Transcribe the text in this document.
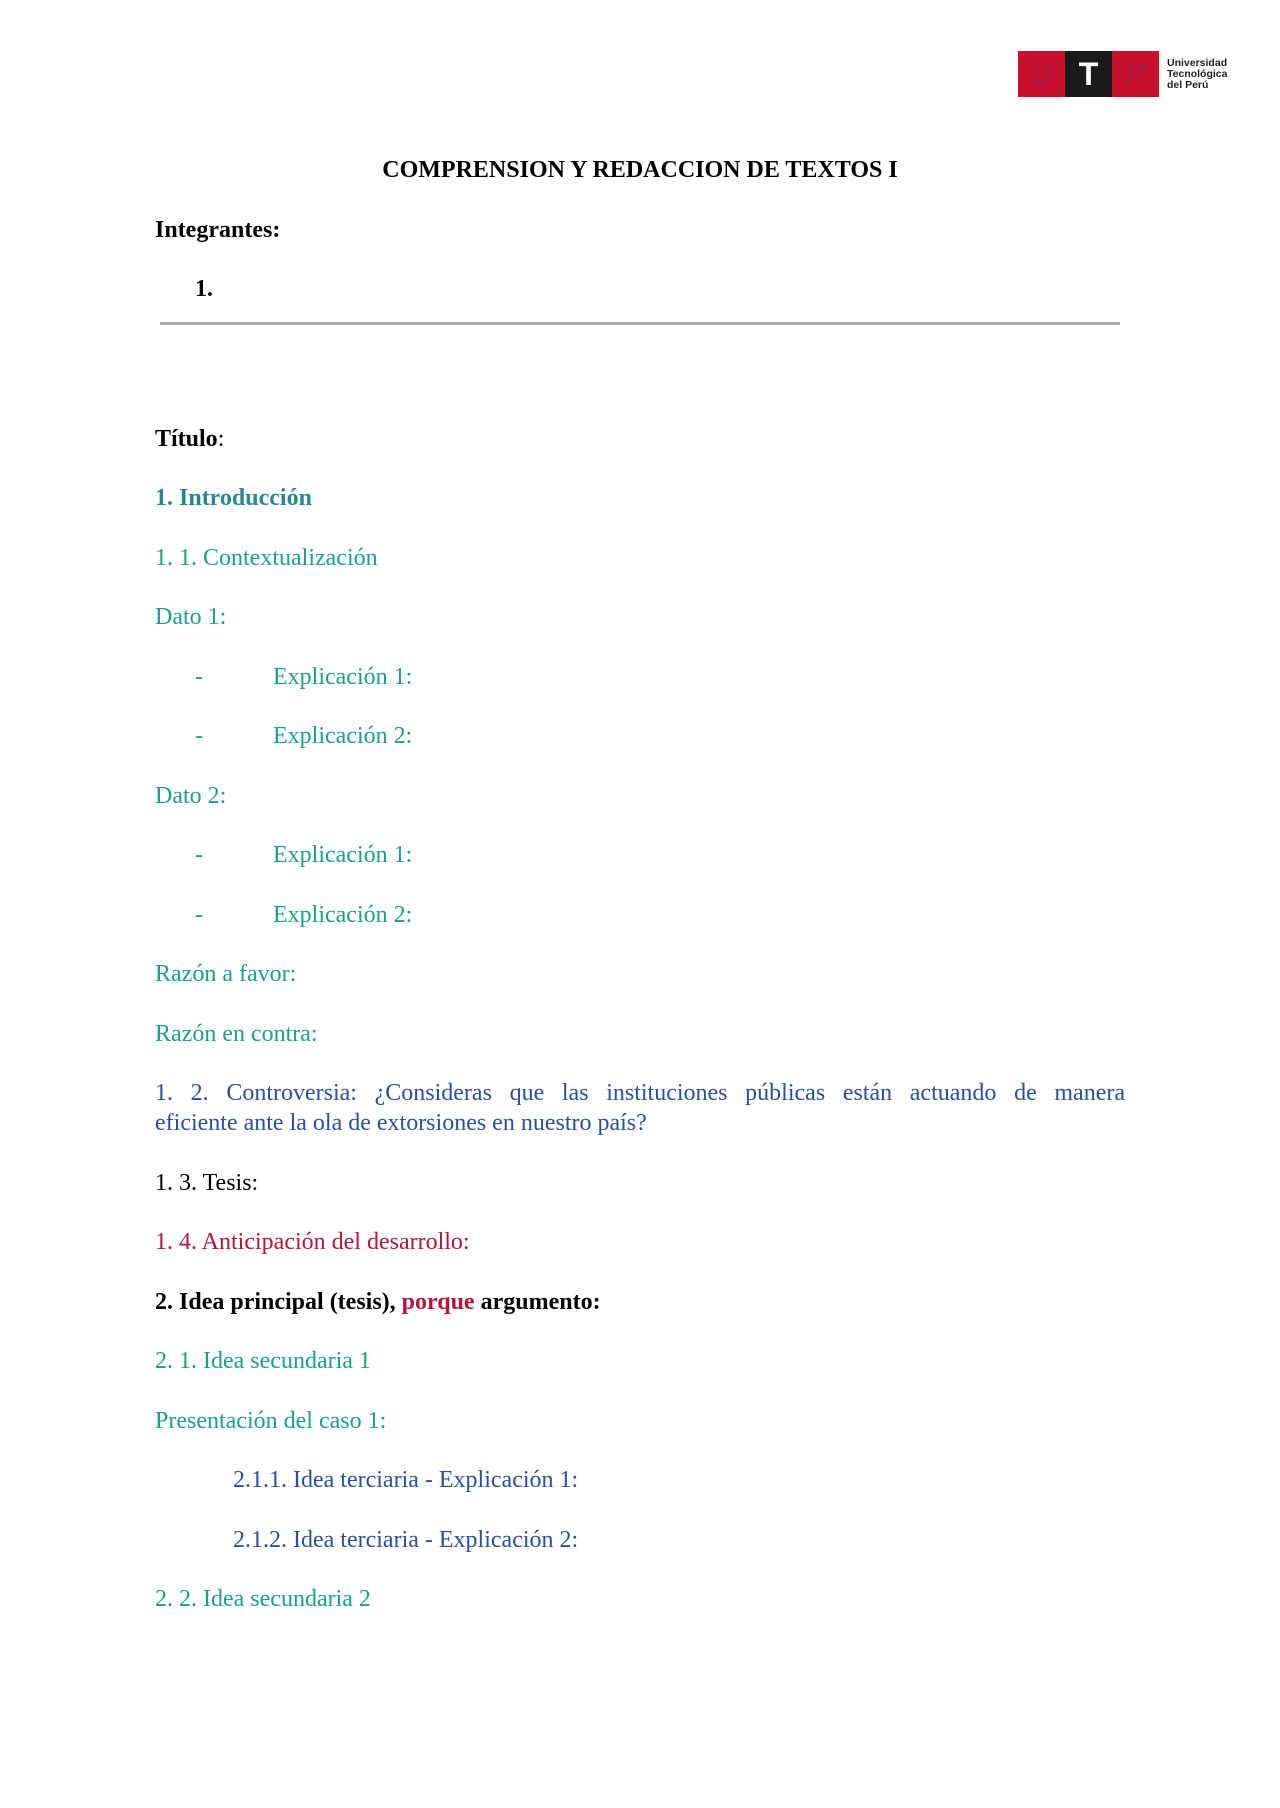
U T P	Universidad
Tecnológica
del Perú
COMPRENSION Y REDACCION DE TEXTOS I
Integrantes:
1.
Título:
1. Introducción
1. 1. Contextualización
Dato 1:
-	Explicación 1:
-	Explicación 2:
Dato 2:
-	Explicación 1:
-	Explicación 2:
Razón a favor:
Razón en contra:
1. 2. Controversia: ¿Consideras que las instituciones públicas están actuando de manera
eficiente ante la ola de extorsiones en nuestro país?
1. 3. Tesis:
1. 4. Anticipación del desarrollo:
2. Idea principal (tesis), porque argumento:
2. 1. Idea secundaria 1
Presentación del caso 1:
2.1.1. Idea terciaria - Explicación 1:
2.1.2. Idea terciaria - Explicación 2:
2. 2. Idea secundaria 2
